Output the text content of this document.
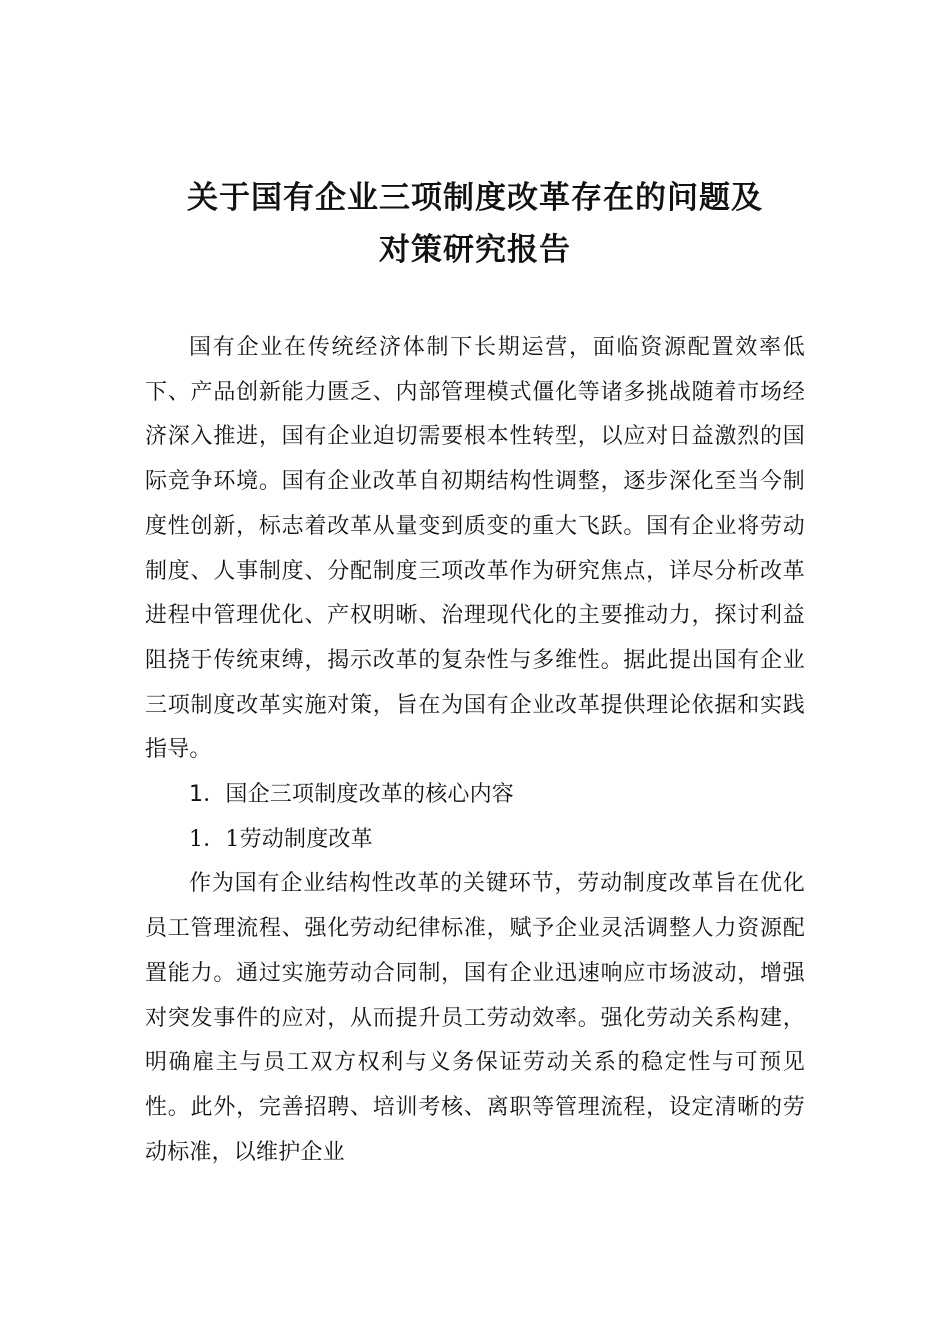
关于国有企业三项制度改革存在的问题及
对策研究报告

国有企业在传统经济体制下长期运营，面临资源配置效率低下、产品创新能力匮乏、内部管理模式僵化等诸多挑战随着市场经济深入推进，国有企业迫切需要根本性转型，以应对日益激烈的国际竞争环境。国有企业改革自初期结构性调整，逐步深化至当今制度性创新，标志着改革从量变到质变的重大飞跃。国有企业将劳动制度、人事制度、分配制度三项改革作为研究焦点，详尽分析改革进程中管理优化、产权明晰、治理现代化的主要推动力，探讨利益阻挠于传统束缚，揭示改革的复杂性与多维性。据此提出国有企业三项制度改革实施对策，旨在为国有企业改革提供理论依据和实践指导。

1．国企三项制度改革的核心内容

1．1劳动制度改革

作为国有企业结构性改革的关键环节，劳动制度改革旨在优化员工管理流程、强化劳动纪律标准，赋予企业灵活调整人力资源配置能力。通过实施劳动合同制，国有企业迅速响应市场波动，增强对突发事件的应对，从而提升员工劳动效率。强化劳动关系构建，明确雇主与员工双方权利与义务保证劳动关系的稳定性与可预见性。此外，完善招聘、培训考核、离职等管理流程，设定清晰的劳动标准，以维护企业
